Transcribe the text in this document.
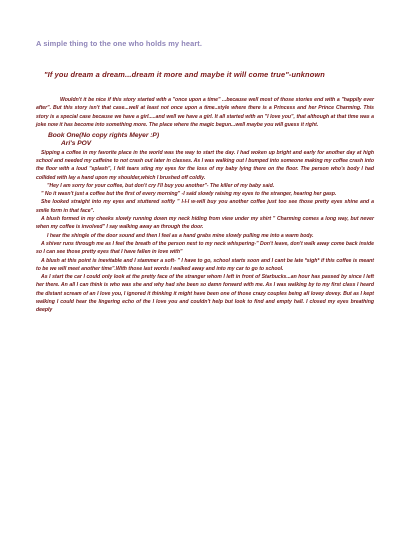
A simple thing to the one who holds my heart.

"If you dream a dream...dream it more and maybe it will come true"-unknown

Wouldn't it be nice if this story started with a "once upon a time" ...because well most of those stories end with a "happily ever after". But this story isn't that case...well at least not once upon a time..style where there is a Princess and her Prince Charming. This story is a special case because we have a girl.....and well we have a girl. It all started with an "I love you", that although at that time was a joke now it has become into something more. The place where the magic begun...well maybe you will guess it right.

Book One(No copy rights Meyer :P)

Ari's POV

Sipping a coffee in my favorite place in the world was the way to start the day. I had woken up bright and early for another day at high school and needed my caffeine to not crash out later in classes. As I was walking out I bumped into someone making my coffee crash into the floor with a loud "splash", I felt tears sting my eyes for the loss of my baby lying there on the floor. The person who's body I had collided with lay a hand upon my shoulder,which I brushed off coldly.

"Hey I am sorry for your coffee, but don't cry I'll buy you another"- The killer of my baby said.

" No it wasn't just a coffee but the first of every morning" -I said slowly raising my eyes to the stranger, hearing her gasp.

She looked straight into my eyes and stuttered softly " I-I-I w-will buy you another coffee just too see those pretty eyes shine and a smile form in that face".

A blush formed in my cheeks slowly running down my neck hiding from view under my shirt " Charming comes a long way, but never when my coffee is involved" I say walking away an through the door.

I hear the shingle of the door sound and then I feel as a hand grabs mine slowly pulling me into a warm body.

A shiver runs through me as I feel the breath of the person next to my neck whispering-" Don't leave, don't walk away come back inside so I can see those pretty eyes that I have fallen in love with"

A blush at this point is inevitable and I stammer a soft- " I have to go, school starts soon and I cant be late *sigh* if this coffee is meant to be we will meet another time".With those last words I walked away and into my car to go to school.

As I start the car I could only look at the pretty face of the stranger whom I left in front of Starbucks...an hour has passed by since I left her there. An all I can think is who was she and why had she been so damn forward with me. As I was walking by to my first class I heard the distant scream of an I love you, I ignored it thinking it might have been one of those crazy couples being all lovey dovey. But as I kept walking I could hear the lingering echo of the I love you and couldn't help but look to find and empty hall. I closed my eyes breathing deeply
